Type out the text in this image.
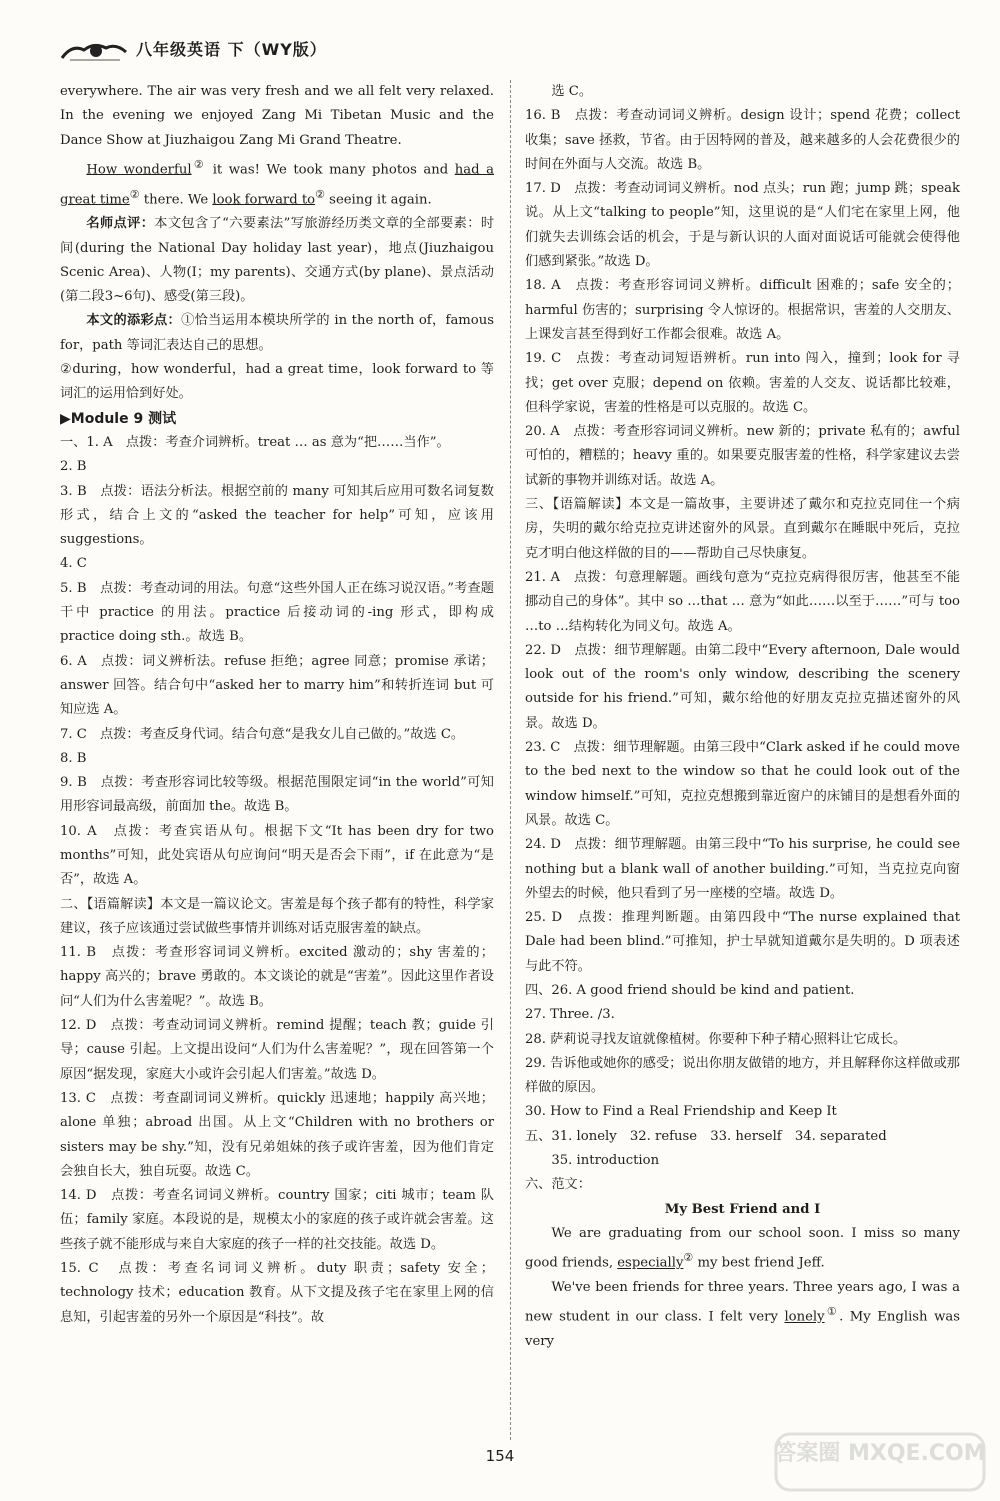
八年级英语 下（WY版）

everywhere. The air was very fresh and we all felt very relaxed. In the evening we enjoyed Zang Mi Tibetan Music and the Dance Show at Jiuzhaigou Zang Mi Grand Theatre.

How wonderful② it was! We took many photos and had a great time② there. We look forward to② seeing it again.

名师点评：本文包含了“六要素法”写旅游经历类文章的全部要素：时间(during the National Day holiday last year)，地点(Jiuzhaigou Scenic Area)、人物(I；my parents)、交通方式(by plane)、景点活动(第二段3~6句)、感受(第三段)。

本文的添彩点：①恰当运用本模块所学的 in the north of，famous for，path 等词汇表达自己的思想。

②during，how wonderful，had a great time，look forward to 等词汇的运用恰到好处。

▶Module 9 测试

一、1. A　点拨：考查介词辨析。treat … as 意为“把……当作”。

2. B

3. B　点拨：语法分析法。根据空前的 many 可知其后应用可数名词复数形式，结合上文的“asked the teacher for help”可知，应该用 suggestions。

4. C

5. B　点拨：考查动词的用法。句意“这些外国人正在练习说汉语。”考查题干中 practice 的用法。practice 后接动词的-ing 形式，即构成 practice doing sth.。故选 B。

6. A　点拨：词义辨析法。refuse 拒绝；agree 同意；promise 承诺；answer 回答。结合句中“asked her to marry him”和转折连词 but 可知应选 A。

7. C　点拨：考查反身代词。结合句意“是我女儿自己做的。”故选 C。

8. B

9. B　点拨：考查形容词比较等级。根据范围限定词“in the world”可知用形容词最高级，前面加 the。故选 B。

10. A　点拨：考查宾语从句。根据下文“It has been dry for two months”可知，此处宾语从句应询问“明天是否会下雨”，if 在此意为“是否”，故选 A。

二、【语篇解读】本文是一篇议论文。害羞是每个孩子都有的特性，科学家建议，孩子应该通过尝试做些事情并训练对话克服害羞的缺点。

11. B　点拨：考查形容词词义辨析。excited 激动的；shy 害羞的；happy 高兴的；brave 勇敢的。本文谈论的就是“害羞”。因此这里作者设问“人们为什么害羞呢？”。故选 B。

12. D　点拨：考查动词词义辨析。remind 提醒；teach 教；guide 引导；cause 引起。上文提出设问“人们为什么害羞呢？”，现在回答第一个原因“据发现，家庭大小或许会引起人们害羞。”故选 D。

13. C　点拨：考查副词词义辨析。quickly 迅速地；happily 高兴地；alone 单独；abroad 出国。从上文“Children with no brothers or sisters may be shy.”知，没有兄弟姐妹的孩子或许害羞，因为他们肯定会独自长大，独自玩耍。故选 C。

14. D　点拨：考查名词词义辨析。country 国家；citi 城市；team 队伍；family 家庭。本段说的是，规模太小的家庭的孩子或许就会害羞。这些孩子就不能形成与来自大家庭的孩子一样的社交技能。故选 D。

15. C　点拨：考查名词词义辨析。duty 职责；safety 安全；technology 技术；education 教育。从下文提及孩子宅在家里上网的信息知，引起害羞的另外一个原因是“科技”。故

选 C。

16. B　点拨：考查动词词义辨析。design 设计；spend 花费；collect 收集；save 拯救，节省。由于因特网的普及，越来越多的人会花费很少的时间在外面与人交流。故选 B。

17. D　点拨：考查动词词义辨析。nod 点头；run 跑；jump 跳；speak 说。从上文“talking to people”知，这里说的是“人们宅在家里上网，他们就失去训练会话的机会，于是与新认识的人面对面说话可能就会使得他们感到紧张。”故选 D。

18. A　点拨：考查形容词词义辨析。difficult 困难的；safe 安全的；harmful 伤害的；surprising 令人惊讶的。根据常识，害羞的人交朋友、上课发言甚至得到好工作都会很难。故选 A。

19. C　点拨：考查动词短语辨析。run into 闯入，撞到；look for 寻找；get over 克服；depend on 依赖。害羞的人交友、说话都比较难，但科学家说，害羞的性格是可以克服的。故选 C。

20. A　点拨：考查形容词词义辨析。new 新的；private 私有的；awful 可怕的，糟糕的；heavy 重的。如果要克服害羞的性格，科学家建议去尝试新的事物并训练对话。故选 A。

三、【语篇解读】本文是一篇故事，主要讲述了戴尔和克拉克同住一个病房，失明的戴尔给克拉克讲述窗外的风景。直到戴尔在睡眠中死后，克拉克才明白他这样做的目的——帮助自己尽快康复。

21. A　点拨：句意理解题。画线句意为“克拉克病得很厉害，他甚至不能挪动自己的身体”。其中 so …that … 意为“如此……以至于……”可与 too …to …结构转化为同义句。故选 A。

22. D　点拨：细节理解题。由第二段中“Every afternoon, Dale would look out of the room's only window, describing the scenery outside for his friend.”可知，戴尔给他的好朋友克拉克描述窗外的风景。故选 D。

23. C　点拨：细节理解题。由第三段中“Clark asked if he could move to the bed next to the window so that he could look out of the window himself.”可知，克拉克想搬到靠近窗户的床铺目的是想看外面的风景。故选 C。

24. D　点拨：细节理解题。由第三段中“To his surprise, he could see nothing but a blank wall of another building.”可知，当克拉克向窗外望去的时候，他只看到了另一座楼的空墙。故选 D。

25. D　点拨：推理判断题。由第四段中“The nurse explained that Dale had been blind.”可推知，护士早就知道戴尔是失明的。D 项表述与此不符。

四、26. A good friend should be kind and patient.

27. Three. /3.

28. 萨莉说寻找友谊就像植树。你要种下种子精心照料让它成长。

29. 告诉他或她你的感受；说出你朋友做错的地方，并且解释你这样做或那样做的原因。

30. How to Find a Real Friendship and Keep It

五、31. lonely　32. refuse　33. herself　34. separated

35. introduction

六、范文：

My Best Friend and I

We are graduating from our school soon. I miss so many good friends, especially② my best friend Jeff.

We've been friends for three years. Three years ago, I was a new student in our class. I felt very lonely①. My English was very

154	答案圈 MXQE.COM
